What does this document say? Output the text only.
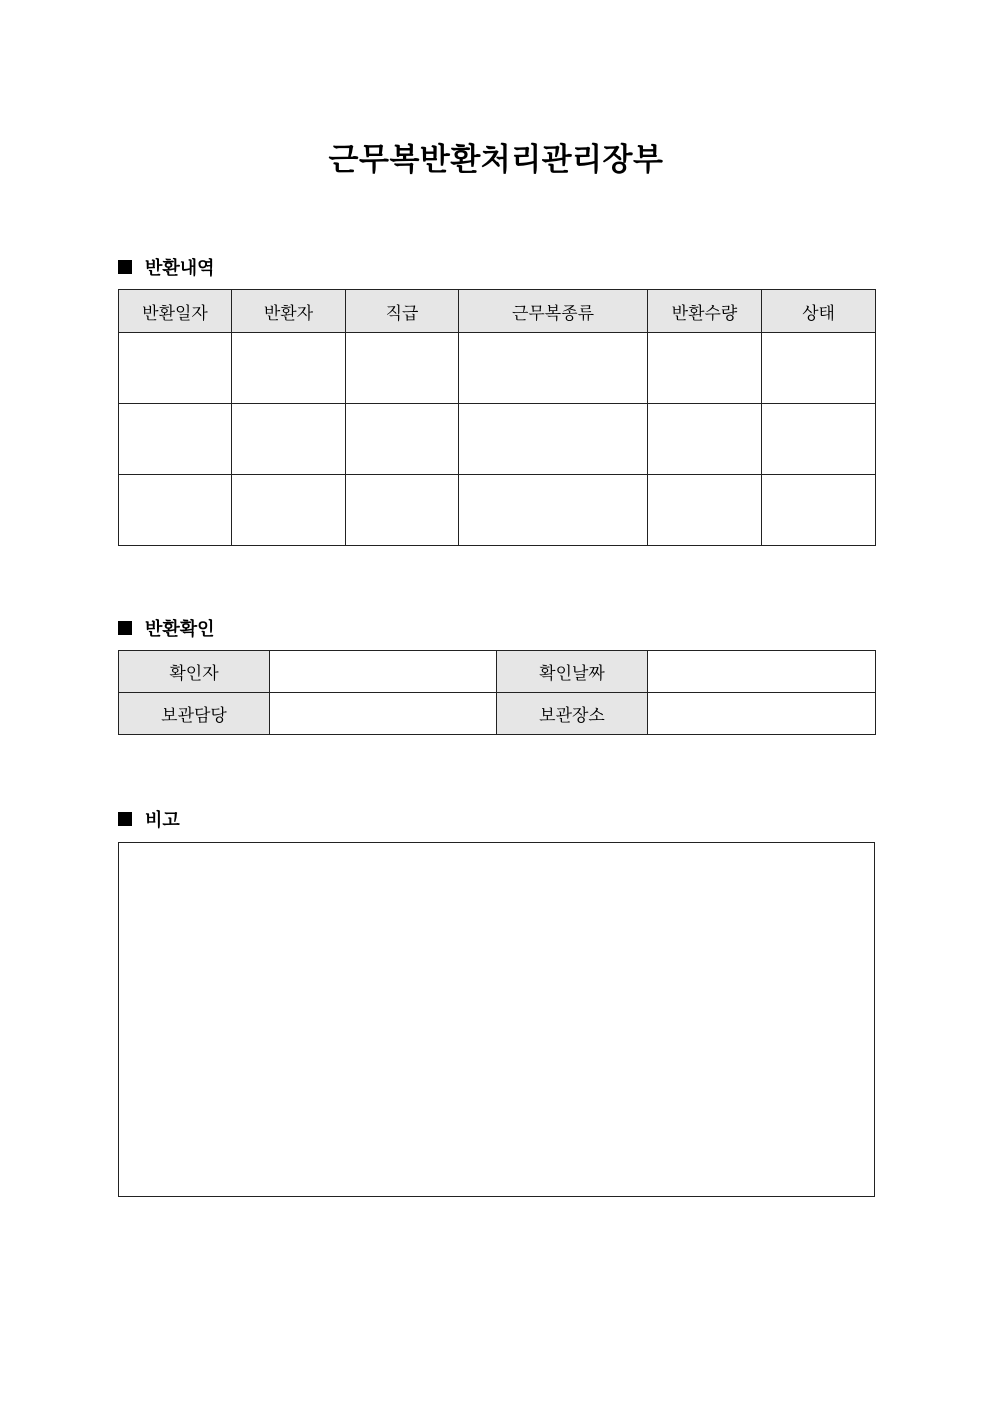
근무복반환처리관리장부
반환내역
반환일자	반환자	직급	근무복종류	반환수량	상태

반환확인
확인자		확인날짜	
보관담당		보관장소	
비고
